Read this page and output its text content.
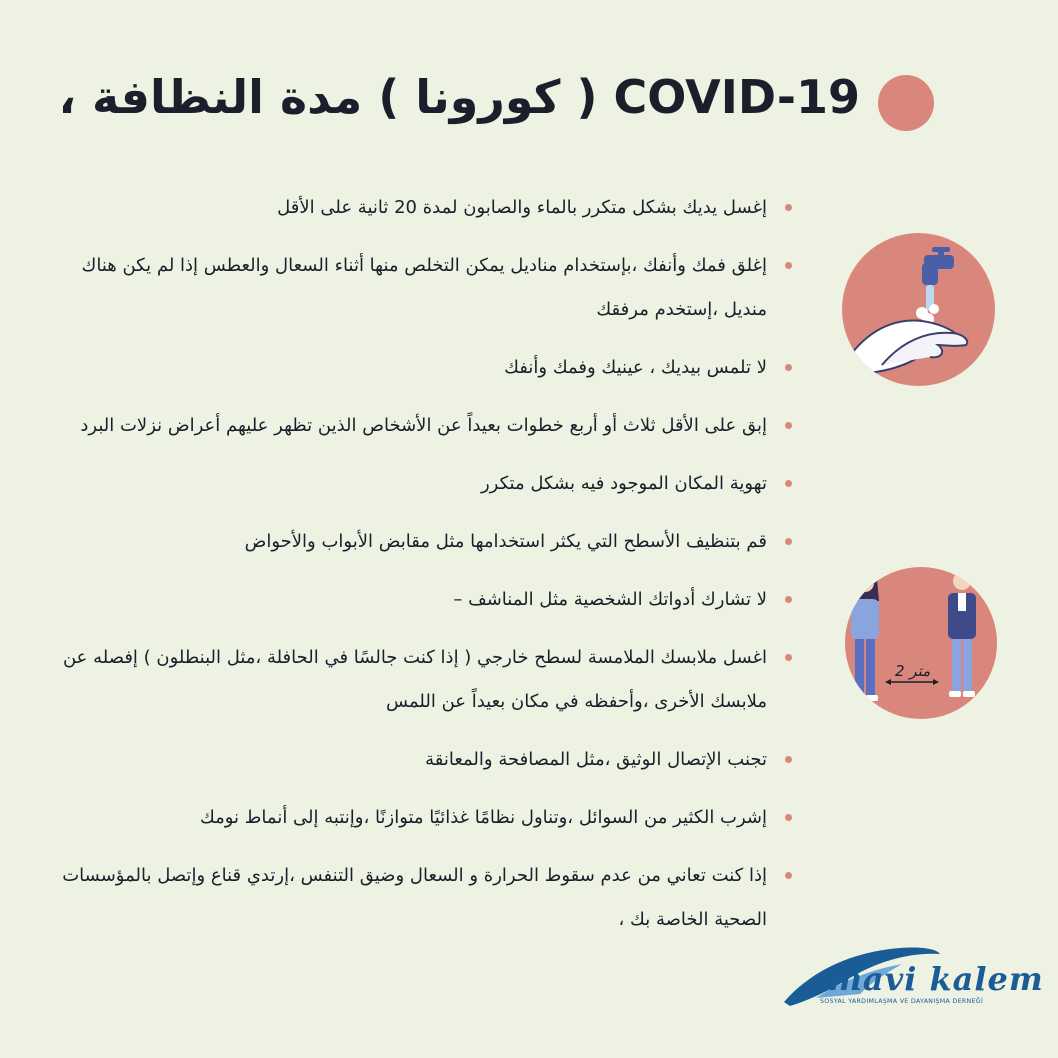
COVID-19 ( كورونا ) مدة النظافة ،
إغسل يديك بشكل متكرر بالماء والصابون لمدة 20 ثانية على الأقل
إغلق فمك وأنفك ،بإستخدام مناديل يمكن التخلص منها أثناء السعال والعطس إذا لم يكن هناك منديل ،إستخدم مرفقك
لا تلمس بيديك ، عينيك وفمك وأنفك
إبق على الأقل ثلاث أو أربع خطوات بعيداً عن الأشخاص الذين تظهر عليهم أعراض نزلات البرد
تهوية المكان الموجود فيه بشكل متكرر
قم بتنظيف الأسطح التي يكثر استخدامها مثل مقابض الأبواب والأحواض
لا تشارك أدواتك الشخصية مثل المناشف –
اغسل ملابسك الملامسة لسطح خارجي ( إذا كنت جالسًا في الحافلة ،مثل البنطلون ) إفصله عن ملابسك الأخرى ،وأحفظه في مكان بعيداً عن اللمس
تجنب الإتصال الوثيق ،مثل المصافحة والمعانقة
إشرب الكثير من السوائل ،وتناول نظامًا غذائيًا متوازنًا ،وإنتبه إلى أنماط نومك
إذا كنت تعاني من عدم سقوط الحرارة و السعال وضيق التنفس ،إرتدي قناع وإتصل بالمؤسسات الصحية الخاصة بك ،
2 متر
mavi kalem
SOSYAL YARDIMLAŞMA VE DAYANIŞMA DERNEĞİ
